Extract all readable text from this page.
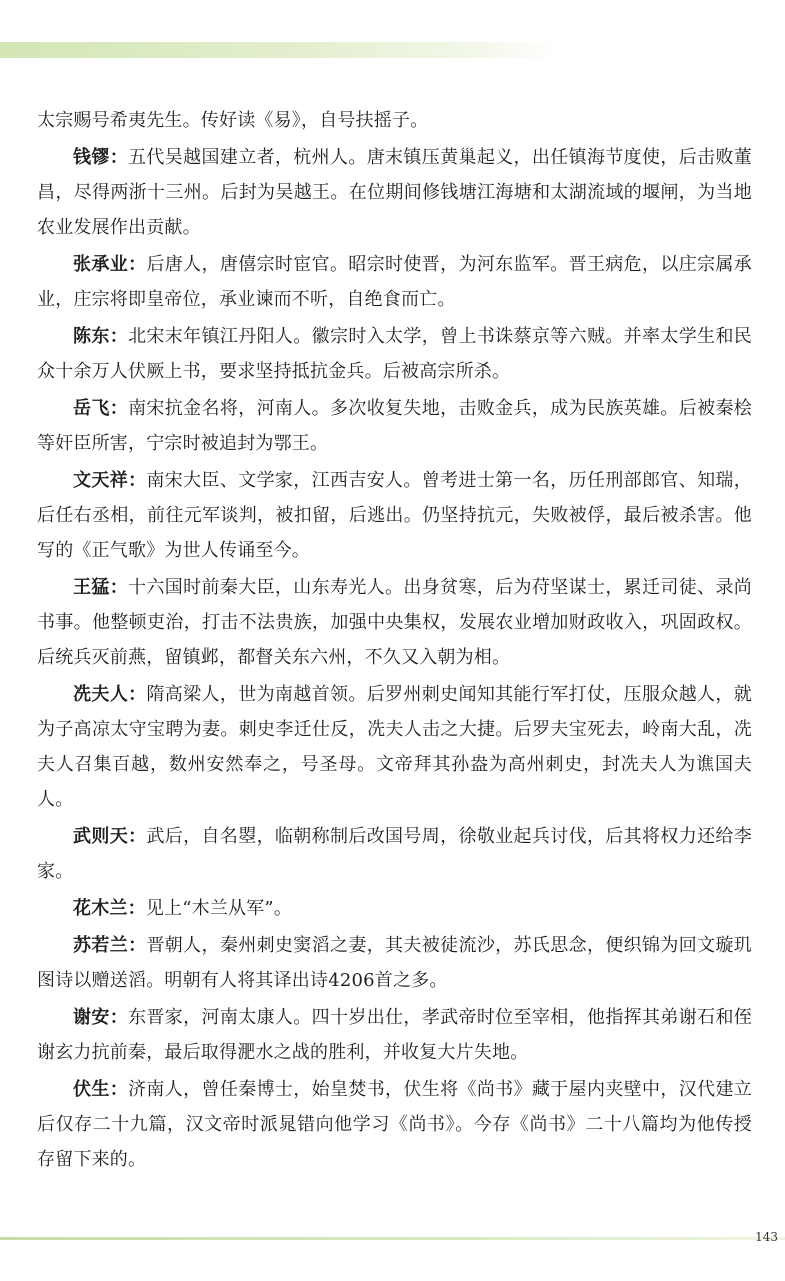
太宗赐号希夷先生。传好读《易》，自号扶摇子。

钱镠：五代吴越国建立者，杭州人。唐末镇压黄巢起义，出任镇海节度使，后击败董昌，尽得两浙十三州。后封为吴越王。在位期间修钱塘江海塘和太湖流域的堰闸，为当地农业发展作出贡献。

张承业：后唐人，唐僖宗时宦官。昭宗时使晋，为河东监军。晋王病危，以庄宗属承业，庄宗将即皇帝位，承业谏而不听，自绝食而亡。

陈东：北宋末年镇江丹阳人。徽宗时入太学，曾上书诛蔡京等六贼。并率太学生和民众十余万人伏厥上书，要求坚持抵抗金兵。后被高宗所杀。

岳飞：南宋抗金名将，河南人。多次收复失地，击败金兵，成为民族英雄。后被秦桧等奸臣所害，宁宗时被追封为鄂王。

文天祥：南宋大臣、文学家，江西吉安人。曾考进士第一名，历任刑部郎官、知瑞，后任右丞相，前往元军谈判，被扣留，后逃出。仍坚持抗元，失败被俘，最后被杀害。他写的《正气歌》为世人传诵至今。

王猛：十六国时前秦大臣，山东寿光人。出身贫寒，后为苻坚谋士，累迁司徒、录尚书事。他整顿吏治，打击不法贵族，加强中央集权，发展农业增加财政收入，巩固政权。后统兵灭前燕，留镇邺，都督关东六州，不久又入朝为相。

冼夫人：隋高梁人，世为南越首领。后罗州刺史闻知其能行军打仗，压服众越人，就为子高凉太守宝聘为妻。刺史李迁仕反，冼夫人击之大捷。后罗夫宝死去，岭南大乱，冼夫人召集百越，数州安然奉之，号圣母。文帝拜其孙盎为高州刺史，封冼夫人为谯国夫人。

武则天：武后，自名曌，临朝称制后改国号周，徐敬业起兵讨伐，后其将权力还给李家。

花木兰：见上“木兰从军”。

苏若兰：晋朝人，秦州刺史窦滔之妻，其夫被徒流沙，苏氏思念，便织锦为回文璇玑图诗以赠送滔。明朝有人将其译出诗4206首之多。

谢安：东晋家，河南太康人。四十岁出仕，孝武帝时位至宰相，他指挥其弟谢石和侄谢玄力抗前秦，最后取得淝水之战的胜利，并收复大片失地。

伏生：济南人，曾任秦博士，始皇焚书，伏生将《尚书》藏于屋内夹壁中，汉代建立后仅存二十九篇，汉文帝时派晁错向他学习《尚书》。今存《尚书》二十八篇均为他传授存留下来的。

143
